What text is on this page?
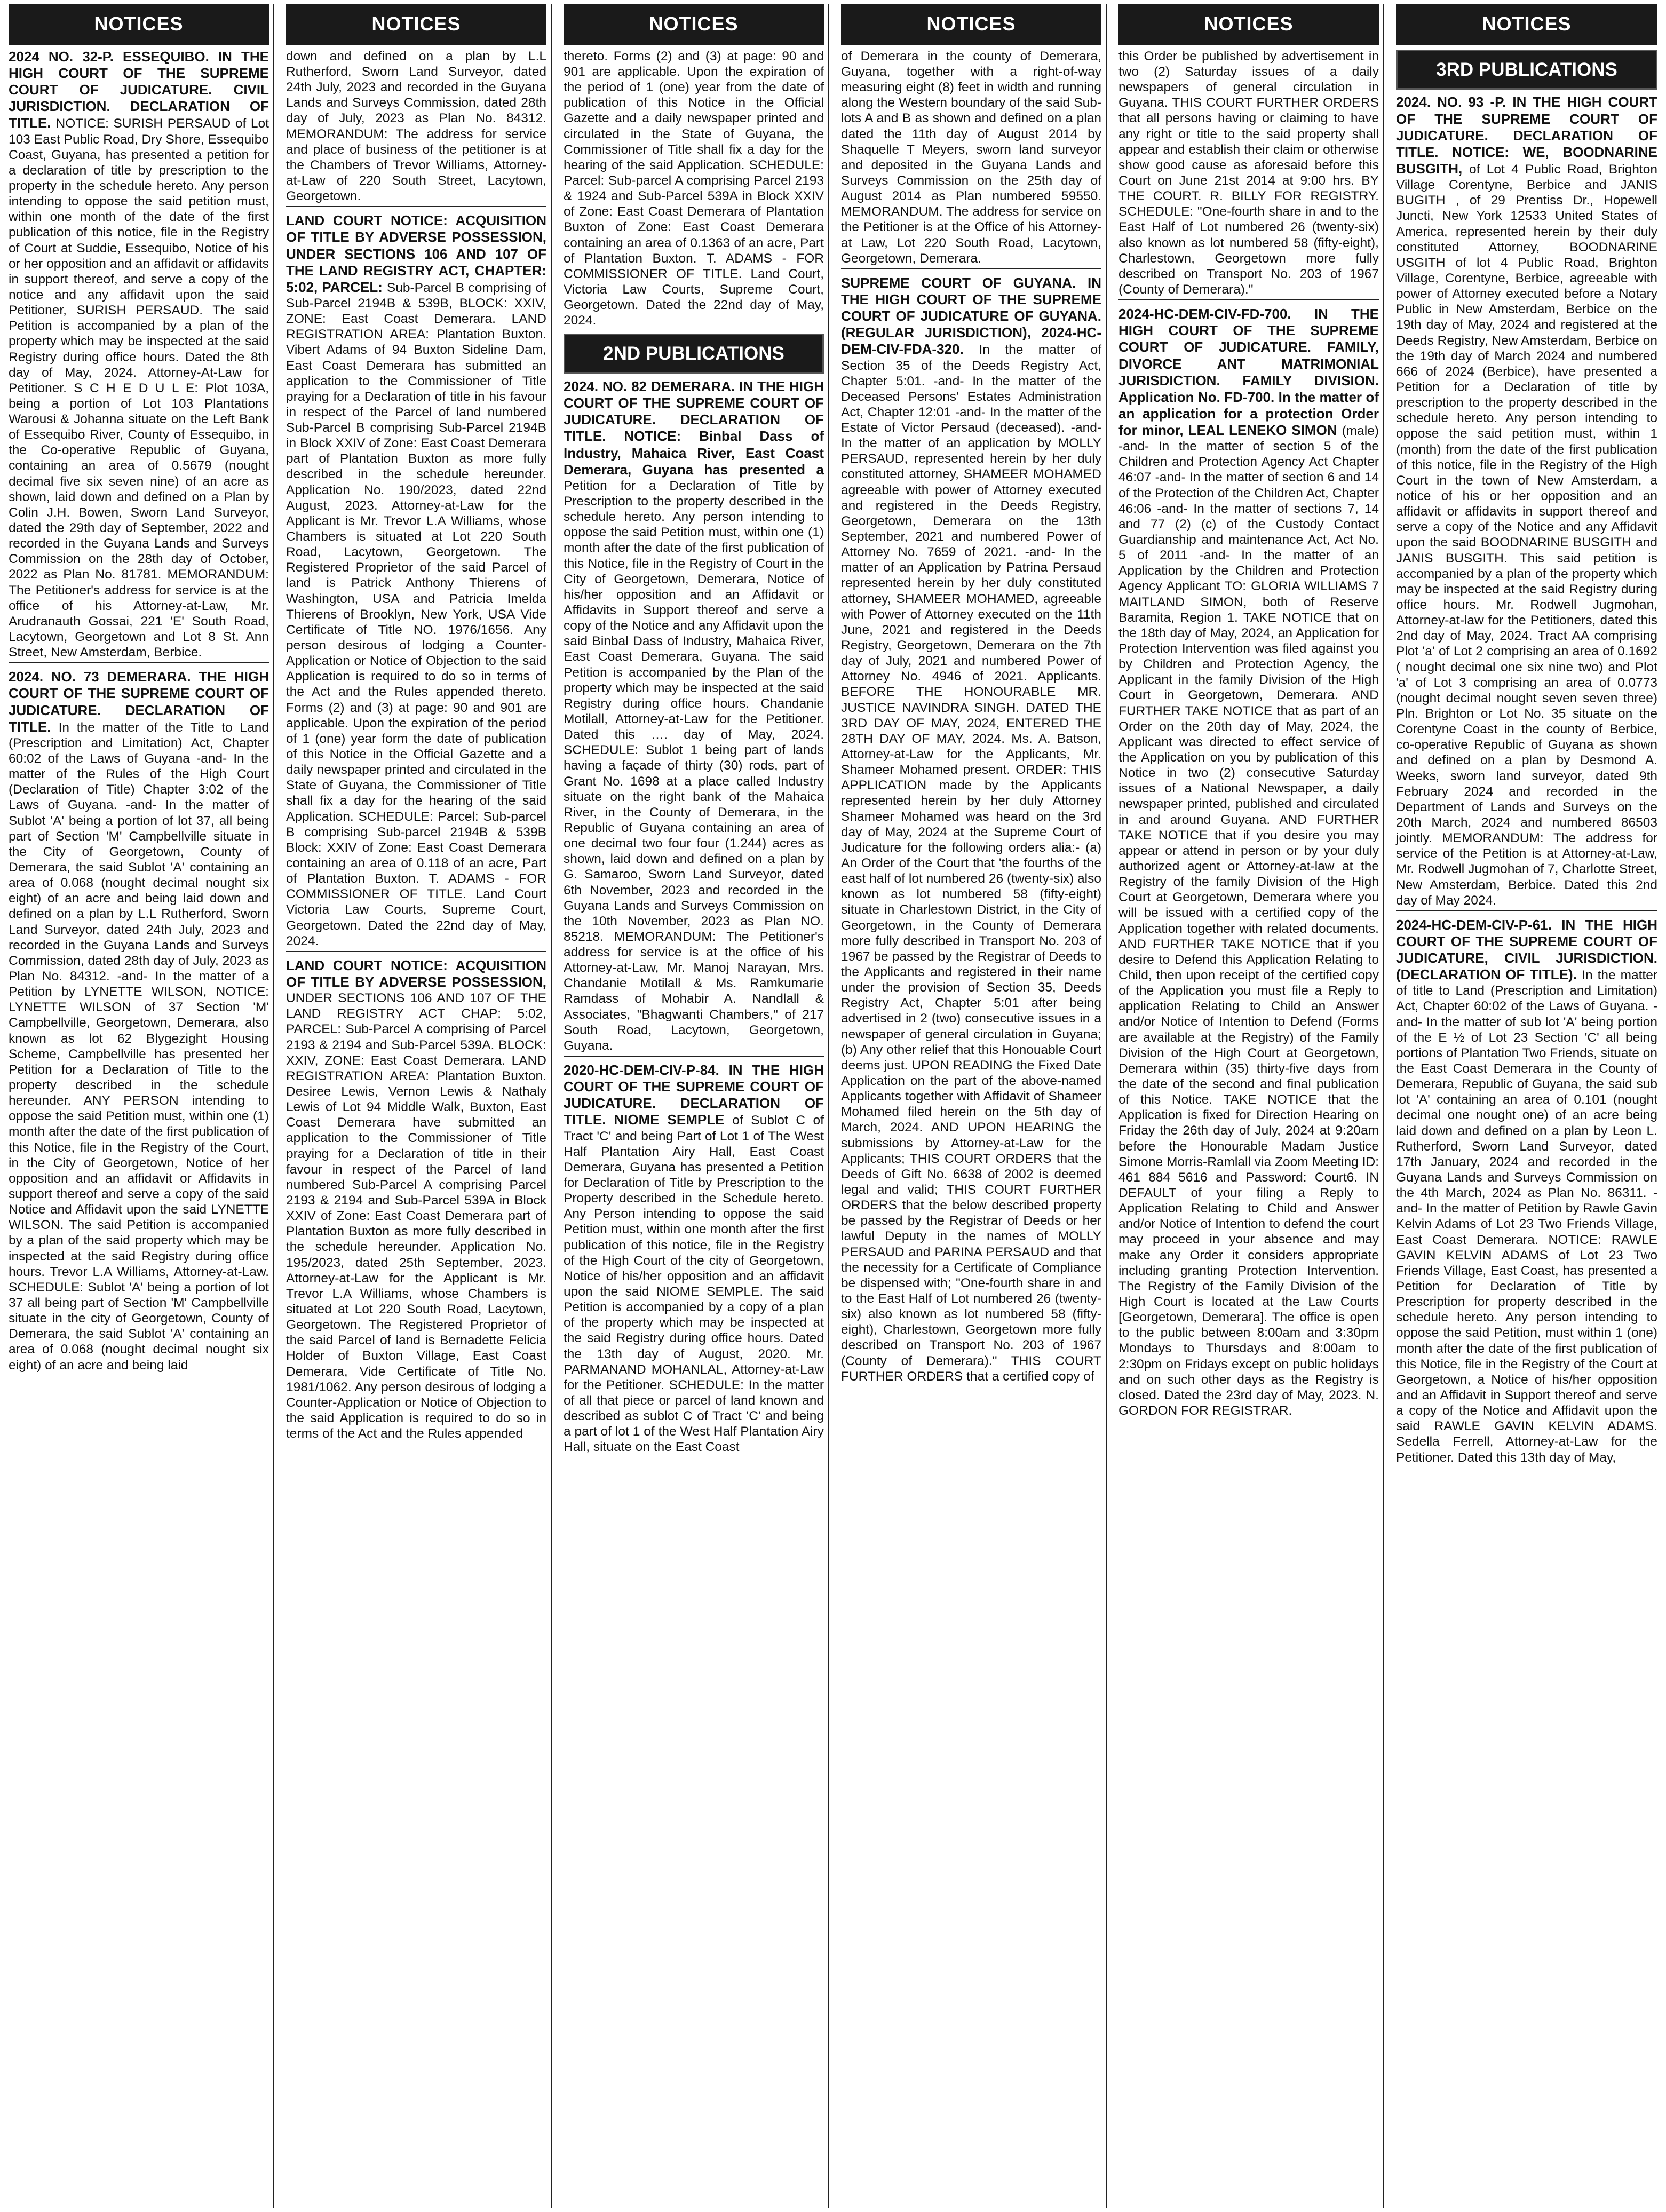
NOTICES
2024 NO. 32-P. ESSEQUIBO. IN THE HIGH COURT OF THE SUPREME COURT OF JUDICATURE. CIVIL JURISDICTION. DECLARATION OF TITLE. NOTICE: SURISH PERSAUD of Lot 103 East Public Road, Dry Shore, Essequibo Coast, Guyana, has presented a petition for a declaration of title by prescription to the property in the schedule hereto. Any person intending to oppose the said petition must, within one month of the date of the first publication of this notice, file in the Registry of Court at Suddie, Essequibo, Notice of his or her opposition and an affidavit or affidavits in support thereof, and serve a copy of the notice and any affidavit upon the said Petitioner, SURISH PERSAUD. The said Petition is accompanied by a plan of the property which may be inspected at the said Registry during office hours. Dated the 8th day of May, 2024. Attorney-At-Law for Petitioner. S C H E D U L E: Plot 103A, being a portion of Lot 103 Plantations Warousi & Johanna situate on the Left Bank of Essequibo River, County of Essequibo, in the Co-operative Republic of Guyana, containing an area of 0.5679 (nought decimal five six seven nine) of an acre as shown, laid down and defined on a Plan by Colin J.H. Bowen, Sworn Land Surveyor, dated the 29th day of September, 2022 and recorded in the Guyana Lands and Surveys Commission on the 28th day of October, 2022 as Plan No. 81781. MEMORANDUM: The Petitioner's address for service is at the office of his Attorney-at-Law, Mr. Arudranauth Gossai, 221 'E' South Road, Lacytown, Georgetown and Lot 8 St. Ann Street, New Amsterdam, Berbice.
2024. NO. 73 DEMERARA. THE HIGH COURT OF THE SUPREME COURT OF JUDICATURE. DECLARATION OF TITLE. In the matter of the Title to Land (Prescription and Limitation) Act, Chapter 60:02 of the Laws of Guyana -and- In the matter of the Rules of the High Court (Declaration of Title) Chapter 3:02 of the Laws of Guyana. -and- In the matter of Sublot 'A' being a portion of lot 37, all being part of Section 'M' Campbellville situate in the City of Georgetown, County of Demerara, the said Sublot 'A' containing an area of 0.068 (nought decimal nought six eight) of an acre and being laid down and defined on a plan by L.L Rutherford, Sworn Land Surveyor, dated 24th July, 2023 and recorded in the Guyana Lands and Surveys Commission, dated 28th day of July, 2023 as Plan No. 84312. -and- In the matter of a Petition by LYNETTE WILSON, NOTICE: LYNETTE WILSON of 37 Section 'M' Campbellville, Georgetown, Demerara, also known as lot 62 Blygezight Housing Scheme, Campbellville has presented her Petition for a Declaration of Title to the property described in the schedule hereunder. ANY PERSON intending to oppose the said Petition must, within one (1) month after the date of the first publication of this Notice, file in the Registry of the Court, in the City of Georgetown, Notice of her opposition and an affidavit or Affidavits in support thereof and serve a copy of the said Notice and Affidavit upon the said LYNETTE WILSON. The said Petition is accompanied by a plan of the said property which may be inspected at the said Registry during office hours. Trevor L.A Williams, Attorney-at-Law. SCHEDULE: Sublot 'A' being a portion of lot 37 all being part of Section 'M' Campbellville situate in the city of Georgetown, County of Demerara, the said Sublot 'A' containing an area of 0.068 (nought decimal nought six eight) of an acre and being laid
NOTICES
down and defined on a plan by L.L Rutherford, Sworn Land Surveyor, dated 24th July, 2023 and recorded in the Guyana Lands and Surveys Commission, dated 28th day of July, 2023 as Plan No. 84312. MEMORANDUM: The address for service and place of business of the petitioner is at the Chambers of Trevor Williams, Attorney-at-Law of 220 South Street, Lacytown, Georgetown.
LAND COURT NOTICE: ACQUISITION OF TITLE BY ADVERSE POSSESSION, UNDER SECTIONS 106 AND 107 OF THE LAND REGISTRY ACT, CHAPTER: 5:02, PARCEL: Sub-Parcel B comprising of Sub-Parcel 2194B & 539B, BLOCK: XXIV, ZONE: East Coast Demerara. LAND REGISTRATION AREA: Plantation Buxton. Vibert Adams of 94 Buxton Sideline Dam, East Coast Demerara has submitted an application to the Commissioner of Title praying for a Declaration of title in his favour in respect of the Parcel of land numbered Sub-Parcel B comprising Sub-Parcel 2194B in Block XXIV of Zone: East Coast Demerara part of Plantation Buxton as more fully described in the schedule hereunder. Application No. 190/2023, dated 22nd August, 2023. Attorney-at-Law for the Applicant is Mr. Trevor L.A Williams, whose Chambers is situated at Lot 220 South Road, Lacytown, Georgetown. The Registered Proprietor of the said Parcel of land is Patrick Anthony Thierens of Washington, USA and Patricia Imelda Thierens of Brooklyn, New York, USA Vide Certificate of Title NO. 1976/1656. Any person desirous of lodging a Counter-Application or Notice of Objection to the said Application is required to do so in terms of the Act and the Rules appended thereto. Forms (2) and (3) at page: 90 and 901 are applicable. Upon the expiration of the period of 1 (one) year form the date of publication of this Notice in the Official Gazette and a daily newspaper printed and circulated in the State of Guyana, the Commissioner of Title shall fix a day for the hearing of the said Application. SCHEDULE: Parcel: Sub-parcel B comprising Sub-parcel 2194B & 539B Block: XXIV of Zone: East Coast Demerara containing an area of 0.118 of an acre, Part of Plantation Buxton. T. ADAMS - FOR COMMISSIONER OF TITLE. Land Court Victoria Law Courts, Supreme Court, Georgetown. Dated the 22nd day of May, 2024.
LAND COURT NOTICE: ACQUISITION OF TITLE BY ADVERSE POSSESSION, UNDER SECTIONS 106 AND 107 OF THE LAND REGISTRY ACT CHAP: 5:02, PARCEL: Sub-Parcel A comprising of Parcel 2193 & 2194 and Sub-Parcel 539A. BLOCK: XXIV, ZONE: East Coast Demerara. LAND REGISTRATION AREA: Plantation Buxton. Desiree Lewis, Vernon Lewis & Nathaly Lewis of Lot 94 Middle Walk, Buxton, East Coast Demerara have submitted an application to the Commissioner of Title praying for a Declaration of title in their favour in respect of the Parcel of land numbered Sub-Parcel A comprising Parcel 2193 & 2194 and Sub-Parcel 539A in Block XXIV of Zone: East Coast Demerara part of Plantation Buxton as more fully described in the schedule hereunder. Application No. 195/2023, dated 25th September, 2023. Attorney-at-Law for the Applicant is Mr. Trevor L.A Williams, whose Chambers is situated at Lot 220 South Road, Lacytown, Georgetown. The Registered Proprietor of the said Parcel of land is Bernadette Felicia Holder of Buxton Village, East Coast Demerara, Vide Certificate of Title No. 1981/1062. Any person desirous of lodging a Counter-Application or Notice of Objection to the said Application is required to do so in terms of the Act and the Rules appended
NOTICES
thereto. Forms (2) and (3) at page: 90 and 901 are applicable. Upon the expiration of the period of 1 (one) year from the date of publication of this Notice in the Official Gazette and a daily newspaper printed and circulated in the State of Guyana, the Commissioner of Title shall fix a day for the hearing of the said Application. SCHEDULE: Parcel: Sub-parcel A comprising Parcel 2193 & 1924 and Sub-Parcel 539A in Block XXIV of Zone: East Coast Demerara of Plantation Buxton of Zone: East Coast Demerara containing an area of 0.1363 of an acre, Part of Plantation Buxton. T. ADAMS - FOR COMMISSIONER OF TITLE. Land Court, Victoria Law Courts, Supreme Court, Georgetown. Dated the 22nd day of May, 2024.
2ND PUBLICATIONS
2024. NO. 82 DEMERARA. IN THE HIGH COURT OF THE SUPREME COURT OF JUDICATURE. DECLARATION OF TITLE. NOTICE: Binbal Dass of Industry, Mahaica River, East Coast Demerara, Guyana has presented a Petition for a Declaration of Title by Prescription to the property described in the schedule hereto. Any person intending to oppose the said Petition must, within one (1) month after the date of the first publication of this Notice, file in the Registry of Court in the City of Georgetown, Demerara, Notice of his/her opposition and an Affidavit or Affidavits in Support thereof and serve a copy of the Notice and any Affidavit upon the said Binbal Dass of Industry, Mahaica River, East Coast Demerara, Guyana. The said Petition is accompanied by the Plan of the property which may be inspected at the said Registry during office hours. Chandanie Motilall, Attorney-at-Law for the Petitioner. Dated this …. day of May, 2024. SCHEDULE: Sublot 1 being part of lands having a façade of thirty (30) rods, part of Grant No. 1698 at a place called Industry situate on the right bank of the Mahaica River, in the County of Demerara, in the Republic of Guyana containing an area of one decimal two four four (1.244) acres as shown, laid down and defined on a plan by G. Samaroo, Sworn Land Surveyor, dated 6th November, 2023 and recorded in the Guyana Lands and Surveys Commission on the 10th November, 2023 as Plan NO. 85218. MEMORANDUM: The Petitioner's address for service is at the office of his Attorney-at-Law, Mr. Manoj Narayan, Mrs. Chandanie Motilall & Ms. Ramkumarie Ramdass of Mohabir A. Nandlall & Associates, "Bhagwanti Chambers," of 217 South Road, Lacytown, Georgetown, Guyana.
2020-HC-DEM-CIV-P-84. IN THE HIGH COURT OF THE SUPREME COURT OF JUDICATURE. DECLARATION OF TITLE. NIOME SEMPLE of Sublot C of Tract 'C' and being Part of Lot 1 of The West Half Plantation Airy Hall, East Coast Demerara, Guyana has presented a Petition for Declaration of Title by Prescription to the Property described in the Schedule hereto. Any Person intending to oppose the said Petition must, within one month after the first publication of this notice, file in the Registry of the High Court of the city of Georgetown, Notice of his/her opposition and an affidavit upon the said NIOME SEMPLE. The said Petition is accompanied by a copy of a plan of the property which may be inspected at the said Registry during office hours. Dated the 13th day of August, 2020. Mr. PARMANAND MOHANLAL, Attorney-at-Law for the Petitioner. SCHEDULE: In the matter of all that piece or parcel of land known and described as sublot C of Tract 'C' and being a part of lot 1 of the West Half Plantation Airy Hall, situate on the East Coast
NOTICES
of Demerara in the county of Demerara, Guyana, together with a right-of-way measuring eight (8) feet in width and running along the Western boundary of the said Sub-lots A and B as shown and defined on a plan dated the 11th day of August 2014 by Shaquelle T Meyers, sworn land surveyor and deposited in the Guyana Lands and Surveys Commission on the 25th day of August 2014 as Plan numbered 59550. MEMORANDUM. The address for service on the Petitioner is at the Office of his Attorney-at Law, Lot 220 South Road, Lacytown, Georgetown, Demerara.
SUPREME COURT OF GUYANA. IN THE HIGH COURT OF THE SUPREME COURT OF JUDICATURE OF GUYANA. (REGULAR JURISDICTION), 2024-HC-DEM-CIV-FDA-320. In the matter of Section 35 of the Deeds Registry Act, Chapter 5:01. -and- In the matter of the Deceased Persons' Estates Administration Act, Chapter 12:01 -and- In the matter of the Estate of Victor Persaud (deceased). -and- In the matter of an application by MOLLY PERSAUD, represented herein by her duly constituted attorney, SHAMEER MOHAMED agreeable with power of Attorney executed and registered in the Deeds Registry, Georgetown, Demerara on the 13th September, 2021 and numbered Power of Attorney No. 7659 of 2021. -and- In the matter of an Application by Patrina Persaud represented herein by her duly constituted attorney, SHAMEER MOHAMED, agreeable with Power of Attorney executed on the 11th June, 2021 and registered in the Deeds Registry, Georgetown, Demerara on the 7th day of July, 2021 and numbered Power of Attorney No. 4946 of 2021. Applicants. BEFORE THE HONOURABLE MR. JUSTICE NAVINDRA SINGH. DATED THE 3RD DAY OF MAY, 2024, ENTERED THE 28TH DAY OF MAY, 2024. Ms. A. Batson, Attorney-at-Law for the Applicants, Mr. Shameer Mohamed present. ORDER: THIS APPLICATION made by the Applicants represented herein by her duly Attorney Shameer Mohamed was heard on the 3rd day of May, 2024 at the Supreme Court of Judicature for the following orders alia:- (a) An Order of the Court that 'the fourths of the east half of lot numbered 26 (twenty-six) also known as lot numbered 58 (fifty-eight) situate in Charlestown District, in the City of Georgetown, in the County of Demerara more fully described in Transport No. 203 of 1967 be passed by the Registrar of Deeds to the Applicants and registered in their name under the provision of Section 35, Deeds Registry Act, Chapter 5:01 after being advertised in 2 (two) consecutive issues in a newspaper of general circulation in Guyana; (b) Any other relief that this Honouable Court deems just. UPON READING the Fixed Date Application on the part of the above-named Applicants together with Affidavit of Shameer Mohamed filed herein on the 5th day of March, 2024. AND UPON HEARING the submissions by Attorney-at-Law for the Applicants; THIS COURT ORDERS that the Deeds of Gift No. 6638 of 2002 is deemed legal and valid; THIS COURT FURTHER ORDERS that the below described property be passed by the Registrar of Deeds or her lawful Deputy in the names of MOLLY PERSAUD and PARINA PERSAUD and that the necessity for a Certificate of Compliance be dispensed with; "One-fourth share in and to the East Half of Lot numbered 26 (twenty-six) also known as lot numbered 58 (fifty-eight), Charlestown, Georgetown more fully described on Transport No. 203 of 1967 (County of Demerara)." THIS COURT FURTHER ORDERS that a certified copy of
NOTICES
this Order be published by advertisement in two (2) Saturday issues of a daily newspapers of general circulation in Guyana. THIS COURT FURTHER ORDERS that all persons having or claiming to have any right or title to the said property shall appear and establish their claim or otherwise show good cause as aforesaid before this Court on June 21st 2014 at 9:00 hrs. BY THE COURT. R. BILLY FOR REGISTRY. SCHEDULE: "One-fourth share in and to the East Half of Lot numbered 26 (twenty-six) also known as lot numbered 58 (fifty-eight), Charlestown, Georgetown more fully described on Transport No. 203 of 1967 (County of Demerara)."
2024-HC-DEM-CIV-FD-700. IN THE HIGH COURT OF THE SUPREME COURT OF JUDICATURE. FAMILY, DIVORCE ANT MATRIMONIAL JURISDICTION. FAMILY DIVISION. Application No. FD-700. In the matter of an application for a protection Order for minor, LEAL LENEKO SIMON (male) -and- In the matter of section 5 of the Children and Protection Agency Act Chapter 46:07 -and- In the matter of section 6 and 14 of the Protection of the Children Act, Chapter 46:06 -and- In the matter of sections 7, 14 and 77 (2) (c) of the Custody Contact Guardianship and maintenance Act, Act No. 5 of 2011 -and- In the matter of an Application by the Children and Protection Agency Applicant TO: GLORIA WILLIAMS 7 MAITLAND SIMON, both of Reserve Baramita, Region 1. TAKE NOTICE that on the 18th day of May, 2024, an Application for Protection Intervention was filed against you by Children and Protection Agency, the Applicant in the family Division of the High Court in Georgetown, Demerara. AND FURTHER TAKE NOTICE that as part of an Order on the 20th day of May, 2024, the Applicant was directed to effect service of the Application on you by publication of this Notice in two (2) consecutive Saturday issues of a National Newspaper, a daily newspaper printed, published and circulated in and around Guyana. AND FURTHER TAKE NOTICE that if you desire you may appear or attend in person or by your duly authorized agent or Attorney-at-law at the Registry of the family Division of the High Court at Georgetown, Demerara where you will be issued with a certified copy of the Application together with related documents. AND FURTHER TAKE NOTICE that if you desire to Defend this Application Relating to Child, then upon receipt of the certified copy of the Application you must file a Reply to application Relating to Child an Answer and/or Notice of Intention to Defend (Forms are available at the Registry) of the Family Division of the High Court at Georgetown, Demerara within (35) thirty-five days from the date of the second and final publication of this Notice. TAKE NOTICE that the Application is fixed for Direction Hearing on Friday the 26th day of July, 2024 at 9:20am before the Honourable Madam Justice Simone Morris-Ramlall via Zoom Meeting ID: 461 884 5616 and Password: Court6. IN DEFAULT of your filing a Reply to Application Relating to Child and Answer and/or Notice of Intention to defend the court may proceed in your absence and may make any Order it considers appropriate including granting Protection Intervention. The Registry of the Family Division of the High Court is located at the Law Courts [Georgetown, Demerara]. The office is open to the public between 8:00am and 3:30pm Mondays to Thursdays and 8:00am to 2:30pm on Fridays except on public holidays and on such other days as the Registry is closed. Dated the 23rd day of May, 2023. N. GORDON FOR REGISTRAR.
NOTICES
3RD PUBLICATIONS
2024. NO. 93 -P. IN THE HIGH COURT OF THE SUPREME COURT OF JUDICATURE. DECLARATION OF TITLE. NOTICE: WE, BOODNARINE BUSGITH, of Lot 4 Public Road, Brighton Village Corentyne, Berbice and JANIS BUGITH , of 29 Prentiss Dr., Hopewell Juncti, New York 12533 United States of America, represented herein by their duly constituted Attorney, BOODNARINE USGITH of lot 4 Public Road, Brighton Village, Corentyne, Berbice, agreeable with power of Attorney executed before a Notary Public in New Amsterdam, Berbice on the 19th day of May, 2024 and registered at the Deeds Registry, New Amsterdam, Berbice on the 19th day of March 2024 and numbered 666 of 2024 (Berbice), have presented a Petition for a Declaration of title by prescription to the property described in the schedule hereto. Any person intending to oppose the said petition must, within 1 (month) from the date of the first publication of this notice, file in the Registry of the High Court in the town of New Amsterdam, a notice of his or her opposition and an affidavit or affidavits in support thereof and serve a copy of the Notice and any Affidavit upon the said BOODNARINE BUSGITH and JANIS BUSGITH. This said petition is accompanied by a plan of the property which may be inspected at the said Registry during office hours. Mr. Rodwell Jugmohan, Attorney-at-law for the Petitioners, dated this 2nd day of May, 2024. Tract AA comprising Plot 'a' of Lot 2 comprising an area of 0.1692 ( nought decimal one six nine two) and Plot 'a' of Lot 3 comprising an area of 0.0773 (nought decimal nought seven seven three) Pln. Brighton or Lot No. 35 situate on the Corentyne Coast in the county of Berbice, co-operative Republic of Guyana as shown and defined on a plan by Desmond A. Weeks, sworn land surveyor, dated 9th February 2024 and recorded in the Department of Lands and Surveys on the 20th March, 2024 and numbered 86503 jointly. MEMORANDUM: The address for service of the Petition is at Attorney-at-Law, Mr. Rodwell Jugmohan of 7, Charlotte Street, New Amsterdam, Berbice. Dated this 2nd day of May 2024.
2024-HC-DEM-CIV-P-61. IN THE HIGH COURT OF THE SUPREME COURT OF JUDICATURE, CIVIL JURISDICTION. (DECLARATION OF TITLE). In the matter of title to Land (Prescription and Limitation) Act, Chapter 60:02 of the Laws of Guyana. -and- In the matter of sub lot 'A' being portion of the E ½ of Lot 23 Section 'C' all being portions of Plantation Two Friends, situate on the East Coast Demerara in the County of Demerara, Republic of Guyana, the said sub lot 'A' containing an area of 0.101 (nought decimal one nought one) of an acre being laid down and defined on a plan by Leon L. Rutherford, Sworn Land Surveyor, dated 17th January, 2024 and recorded in the Guyana Lands and Surveys Commission on the 4th March, 2024 as Plan No. 86311. -and- In the matter of Petition by Rawle Gavin Kelvin Adams of Lot 23 Two Friends Village, East Coast Demerara. NOTICE: RAWLE GAVIN KELVIN ADAMS of Lot 23 Two Friends Village, East Coast, has presented a Petition for Declaration of Title by Prescription for property described in the schedule hereto. Any person intending to oppose the said Petition, must within 1 (one) month after the date of the first publication of this Notice, file in the Registry of the Court at Georgetown, a Notice of his/her opposition and an Affidavit in Support thereof and serve a copy of the Notice and Affidavit upon the said RAWLE GAVIN KELVIN ADAMS. Sedella Ferrell, Attorney-at-Law for the Petitioner. Dated this 13th day of May,
